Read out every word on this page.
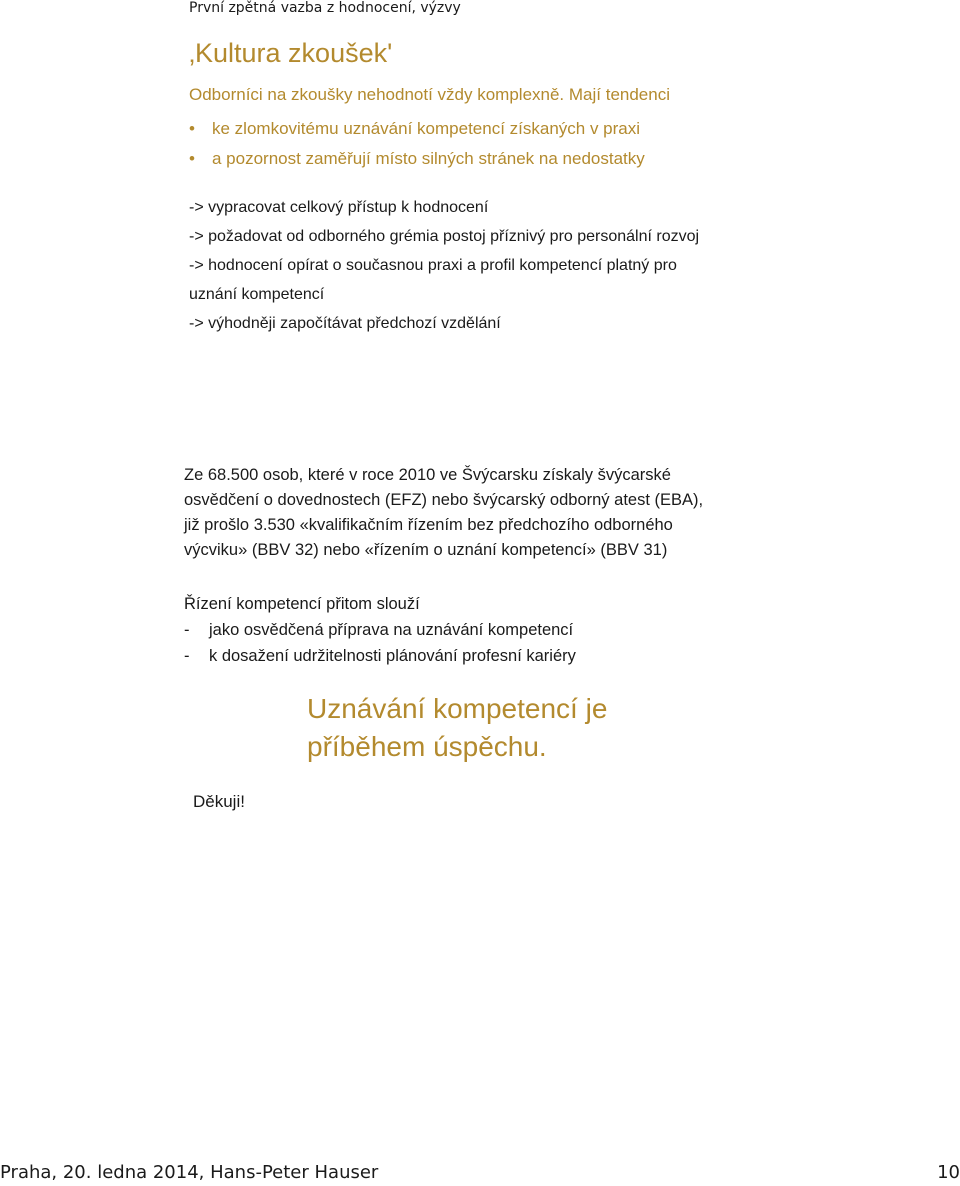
První zpětná vazba z hodnocení, výzvy
‚Kultura zkoušek'
Odborníci na zkoušky nehodnotí vždy komplexně. Mají tendenci
• ke zlomkovitému uznávání kompetencí získaných v praxi
• a pozornost zaměřují místo silných stránek na nedostatky
-> vypracovat celkový přístup k hodnocení
-> požadovat od odborného grémia postoj příznivý pro personální rozvoj
-> hodnocení opírat o současnou praxi a profil kompetencí platný pro
uznání kompetencí
-> výhodněji započítávat předchozí vzdělání
Ze 68.500 osob, které v roce 2010 ve Švýcarsku získaly švýcarské
osvědčení o dovednostech (EFZ) nebo švýcarský odborný atest (EBA),
již prošlo 3.530 «kvalifikačním řízením bez předchozího odborného
výcviku» (BBV 32) nebo «řízením o uznání kompetencí» (BBV 31)
Řízení kompetencí přitom slouží
- jako osvědčená příprava na uznávání kompetencí
- k dosažení udržitelnosti plánování profesní kariéry
Uznávání kompetencí je
příběhem úspěchu.
Děkuji!
Praha, 20. ledna 2014, Hans-Peter Hauser	10
